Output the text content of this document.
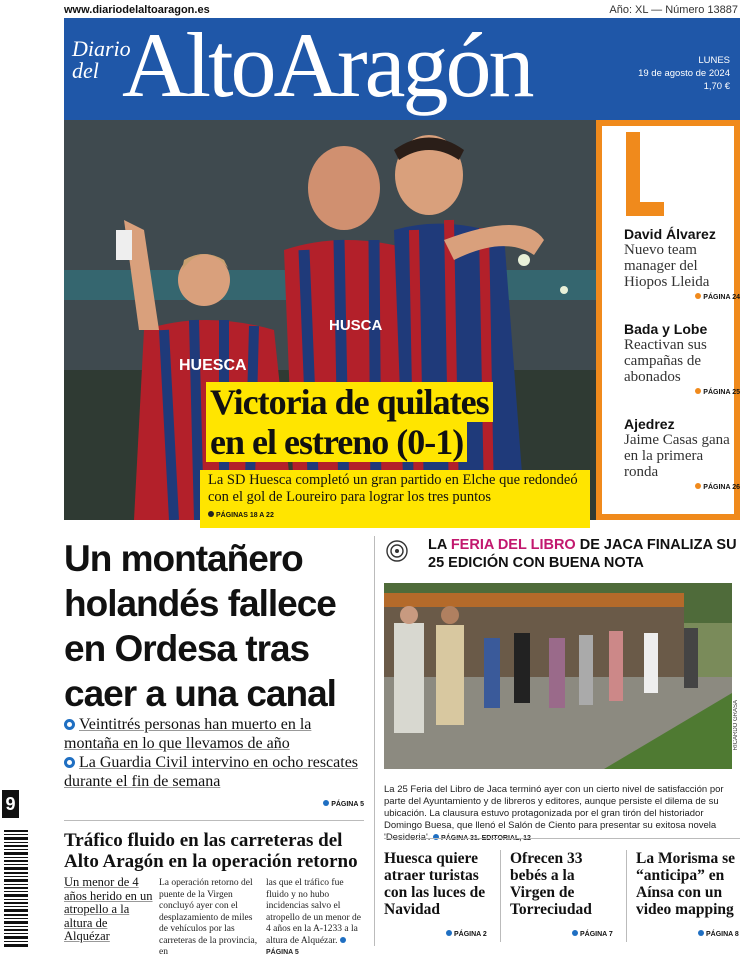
www.diariodelaltoaragon.es	Año: XL — Número 13887
Diario
del AltoAragón	LUNES
19 de agosto de 2024
1,70 €
HUESCA
HUSCA
Victoria de quilates
en el estreno (0-1)
La SD Huesca completó un gran partido en Elche que redondeó con el gol de Loureiro para lograr los tres puntos
PÁGINAS 18 A 22
David Álvarez
Nuevo team manager del Hiopos Lleida
PÁGINA 24
Bada y Lobe
Reactivan sus campañas de abonados
PÁGINA 25
Ajedrez
Jaime Casas gana en la primera ronda
PÁGINA 26
Un montañero holandés fallece en Ordesa tras caer a una canal
Veintitrés personas han muerto en la montaña en lo que llevamos de año
La Guardia Civil intervino en ocho rescates durante el fin de semana
PÁGINA 5
9
Tráfico fluido en las carreteras del Alto Aragón en la operación retorno
Un menor de 4 años herido en un atropello a la altura de Alquézar
La operación retorno del puente de la Virgen concluyó ayer con el desplazamiento de miles de vehículos por las carreteras de la provincia, en
las que el tráfico fue fluido y no hubo incidencias salvo el atropello de un menor de 4 años en la A-1233 a la altura de Alquézar. PÁGINA 5
LA FERIA DEL LIBRO DE JACA FINALIZA SU 25 EDICIÓN CON BUENA NOTA
RICARDO GRASA
La 25 Feria del Libro de Jaca terminó ayer con un cierto nivel de satisfacción por parte del Ayuntamiento y de libreros y editores, aunque persiste el dilema de su ubicación. La clausura estuvo protagonizada por el gran tirón del historiador Domingo Buesa, que llenó el Salón de Ciento para presentar su exitosa novela
Huesca quiere atraer turistas con las luces de Navidad
PÁGINA 2
Ofrecen 33 bebés a la Virgen de Torreciudad
PÁGINA 7
La Morisma se “anticipa” en Aínsa con un video mapping
PÁGINA 8
